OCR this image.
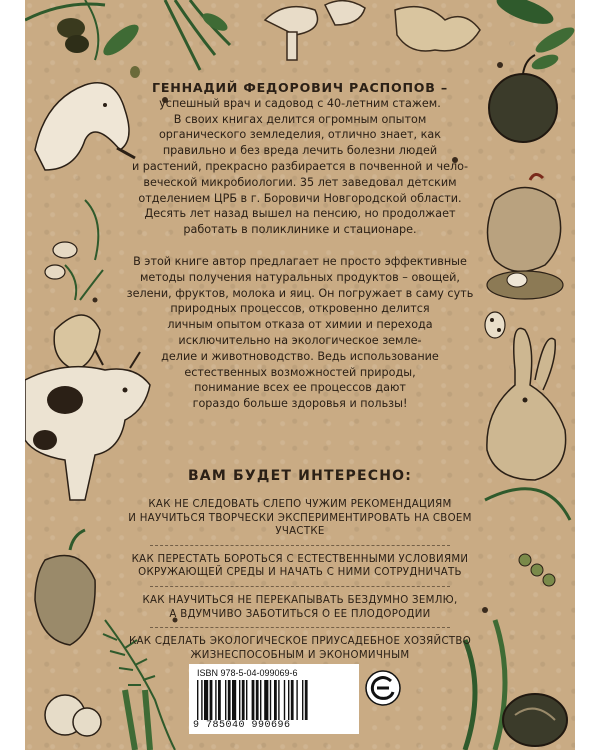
ГЕННАДИЙ ФЕДОРОВИЧ РАСПОПОВ –
успешный врач и садовод с 40-летним стажем.
В своих книгах делится огромным опытом
органического земледелия, отлично знает, как
правильно и без вреда лечить болезни людей
и растений, прекрасно разбирается в почвенной и чело-
веческой микробиологии. 35 лет заведовал детским
отделением ЦРБ в г. Боровичи Новгородской области.
Десять лет назад вышел на пенсию, но продолжает
работать в поликлинике и стационаре.
В этой книге автор предлагает не просто эффективные
методы получения натуральных продуктов – овощей,
зелени, фруктов, молока и яиц. Он погружает в саму суть
природных процессов, откровенно делится
личным опытом отказа от химии и перехода
исключительно на экологическое земле-
делие и животноводство. Ведь использование
естественных возможностей природы,
понимание всех ее процессов дают
гораздо больше здоровья и пользы!
ВАМ БУДЕТ ИНТЕРЕСНО:
КАК НЕ СЛЕДОВАТЬ СЛЕПО ЧУЖИМ РЕКОМЕНДАЦИЯМ
И НАУЧИТЬСЯ ТВОРЧЕСКИ ЭКСПЕРИМЕНТИРОВАТЬ НА СВОЕМ УЧАСТКЕ
КАК ПЕРЕСТАТЬ БОРОТЬСЯ С ЕСТЕСТВЕННЫМИ УСЛОВИЯМИ
ОКРУЖАЮЩЕЙ СРЕДЫ И НАЧАТЬ С НИМИ СОТРУДНИЧАТЬ
КАК НАУЧИТЬСЯ НЕ ПЕРЕКАПЫВАТЬ БЕЗДУМНО ЗЕМЛЮ,
А ВДУМЧИВО ЗАБОТИТЬСЯ О ЕЕ ПЛОДОРОДИИ
КАК СДЕЛАТЬ ЭКОЛОГИЧЕСКОЕ ПРИУСАДЕБНОЕ ХОЗЯЙСТВО
ЖИЗНЕСПОСОБНЫМ И ЭКОНОМИЧНЫМ
ISBN 978-5-04-099069-6
9 785040 990696
